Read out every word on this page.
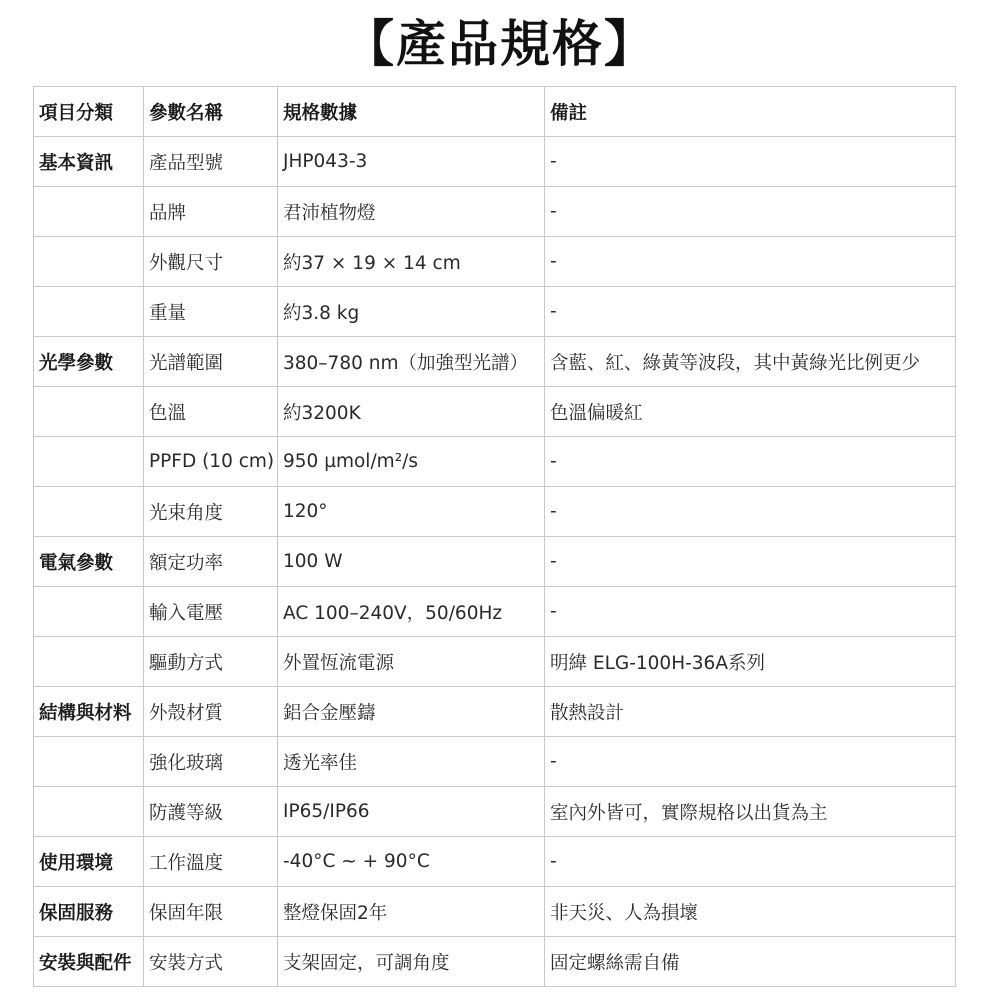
【產品規格】
項目分類	參數名稱	規格數據	備註
基本資訊	產品型號	JHP043-3	-
	品牌	君沛植物燈	-
	外觀尺寸	約37 × 19 × 14 cm	-
	重量	約3.8 kg	-
光學參數	光譜範圍	380–780 nm（加強型光譜）	含藍、紅、綠黃等波段，其中黃綠光比例更少
	色溫	約3200K	色溫偏暖紅
	PPFD (10 cm)	950 µmol/m²/s	-
	光束角度	120°	-
電氣參數	額定功率	100 W	-
	輸入電壓	AC 100–240V，50/60Hz	-
	驅動方式	外置恆流電源	明緯 ELG-100H-36A系列
結構與材料	外殼材質	鋁合金壓鑄	散熱設計
	強化玻璃	透光率佳	-
	防護等級	IP65/IP66	室內外皆可，實際規格以出貨為主
使用環境	工作溫度	-40°C ~ + 90°C	-
保固服務	保固年限	整燈保固2年	非天災、人為損壞
安裝與配件	安裝方式	支架固定，可調角度	固定螺絲需自備
